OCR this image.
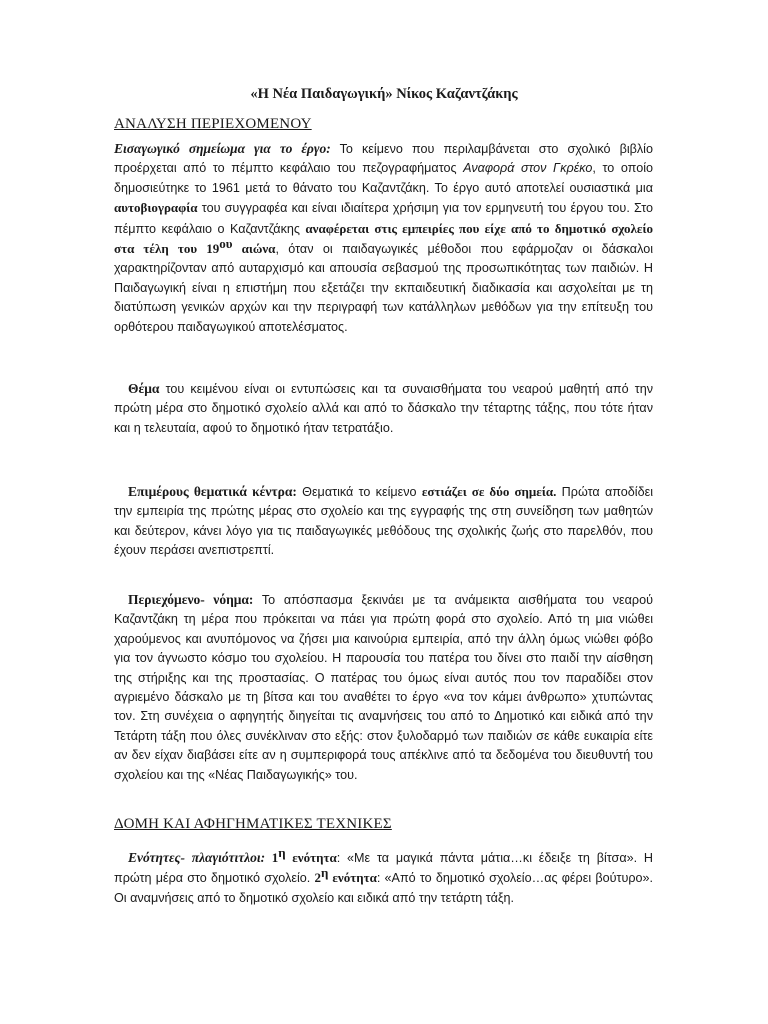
«Η Νέα Παιδαγωγική» Νίκος Καζαντζάκης
ΑΝΑΛΥΣΗ ΠΕΡΙΕΧΟΜΕΝΟΥ

Εισαγωγικό σημείωμα για το έργο: Το κείμενο που περιλαμβάνεται στο σχολικό βιβλίο προέρχεται από το πέμπτο κεφάλαιο του πεζογραφήματος Αναφορά στον Γκρέκο, το οποίο δημοσιεύτηκε το 1961 μετά το θάνατο του Καζαντζάκη. Το έργο αυτό αποτελεί ουσιαστικά μια αυτοβιογραφία του συγγραφέα και είναι ιδιαίτερα χρήσιμη για τον ερμηνευτή του έργου του. Στο πέμπτο κεφάλαιο ο Καζαντζάκης αναφέρεται στις εμπειρίες που είχε από το δημοτικό σχολείο στα τέλη του $19^{o\upsilon}$ αιώνα, όταν οι παιδαγωγικές μέθοδοι που εφάρμοζαν οι δάσκαλοι χαρακτηρίζονταν από αυταρχισμό και απουσία σεβασμού της προσωπικότητας των παιδιών. Η Παιδαγωγική είναι η επιστήμη που εξετάζει την εκπαιδευτική διαδικασία και ασχολείται με τη διατύπωση γενικών αρχών και την περιγραφή των κατάλληλων μεθόδων για την επίτευξη του ορθότερου παιδαγωγικού αποτελέσματος.

Θέμα του κειμένου είναι οι εντυπώσεις και τα συναισθήματα του νεαρού μαθητή από την πρώτη μέρα στο δημοτικό σχολείο αλλά και από το δάσκαλο την τέταρτης τάξης, που τότε ήταν και η τελευταία, αφού το δημοτικό ήταν τετρατάξιο.

Επιμέρους θεματικά κέντρα: Θεματικά το κείμενο εστιάζει σε δύο σημεία. Πρώτα αποδίδει την εμπειρία της πρώτης μέρας στο σχολείο και της εγγραφής της στη συνείδηση των μαθητών και δεύτερον, κάνει λόγο για τις παιδαγωγικές μεθόδους της σχολικής ζωής στο παρελθόν, που έχουν περάσει ανεπιστρεπτί.

Περιεχόμενο- νόημα: Το απόσπασμα ξεκινάει με τα ανάμεικτα αισθήματα του νεαρού Καζαντζάκη τη μέρα που πρόκειται να πάει για πρώτη φορά στο σχολείο. Από τη μια νιώθει χαρούμενος και ανυπόμονος να ζήσει μια καινούρια εμπειρία, από την άλλη όμως νιώθει φόβο για τον άγνωστο κόσμο του σχολείου. Η παρουσία του πατέρα του δίνει στο παιδί την αίσθηση της στήριξης και της προστασίας. Ο πατέρας του όμως είναι αυτός που τον παραδίδει στον αγριεμένο δάσκαλο με τη βίτσα και του αναθέτει το έργο «να τον κάμει άνθρωπο» χτυπώντας τον. Στη συνέχεια ο αφηγητής διηγείται τις αναμνήσεις του από το Δημοτικό και ειδικά από την Τετάρτη τάξη που όλες συνέκλιναν στο εξής: στον ξυλοδαρμό των παιδιών σε κάθε ευκαιρία είτε αν δεν είχαν διαβάσει είτε αν η συμπεριφορά τους απέκλινε από τα δεδομένα του διευθυντή του σχολείου και της «Νέας Παιδαγωγικής» του.

ΔΟΜΗ ΚΑΙ ΑΦΗΓΗΜΑΤΙΚΕΣ ΤΕΧΝΙΚΕΣ

Ενότητες- πλαγιότιτλοι: $1^\eta$ ενότητα: «Με τα μαγικά πάντα μάτια…κι έδειξε τη βίτσα». Η πρώτη μέρα στο δημοτικό σχολείο. $2^\eta$ ενότητα: «Από το δημοτικό σχολείο…ας φέρει βούτυρο». Οι αναμνήσεις από το δημοτικό σχολείο και ειδικά από την τετάρτη τάξη.
